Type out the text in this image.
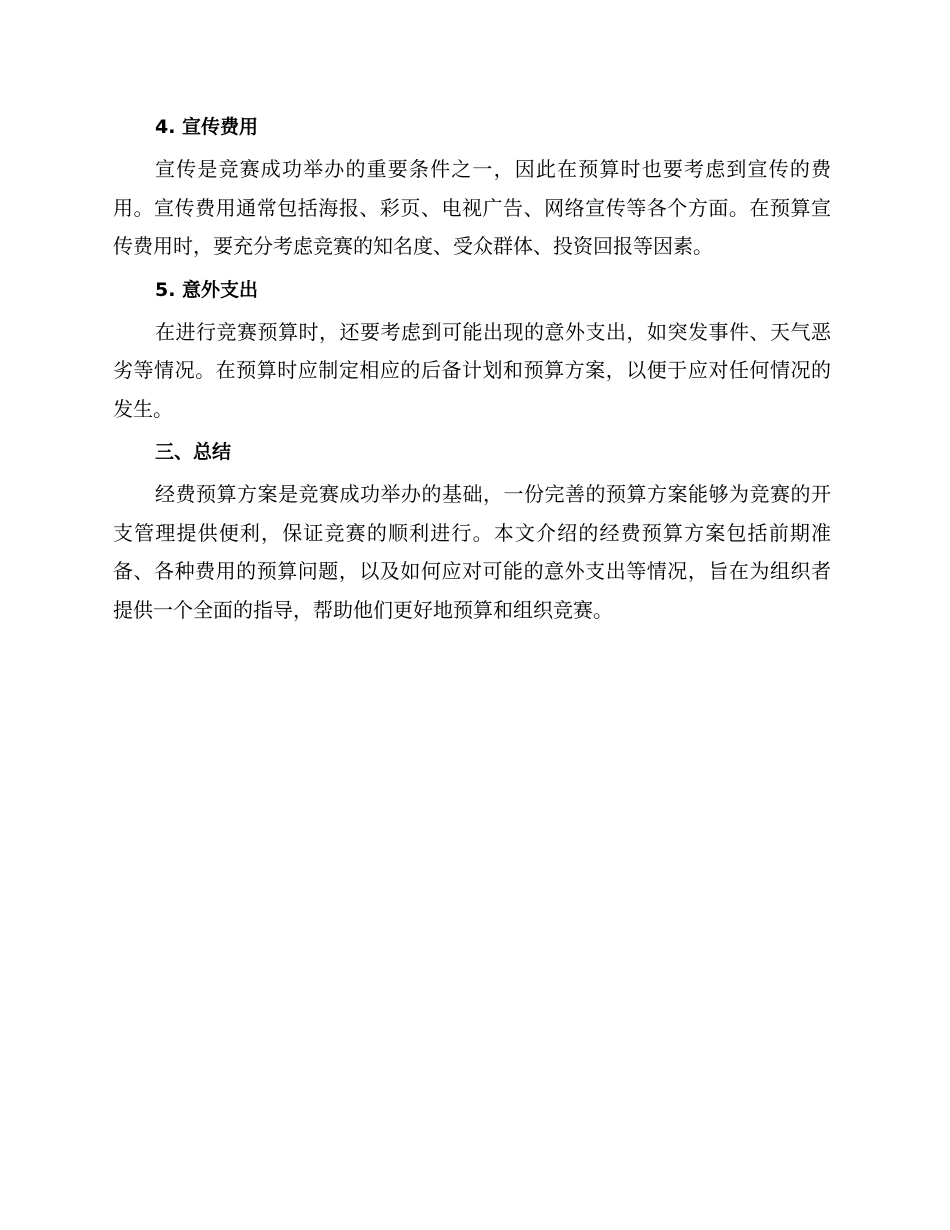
4. 宣传费用

宣传是竞赛成功举办的重要条件之一，因此在预算时也要考虑到宣传的费用。宣传费用通常包括海报、彩页、电视广告、网络宣传等各个方面。在预算宣传费用时，要充分考虑竞赛的知名度、受众群体、投资回报等因素。

5. 意外支出

在进行竞赛预算时，还要考虑到可能出现的意外支出，如突发事件、天气恶劣等情况。在预算时应制定相应的后备计划和预算方案，以便于应对任何情况的发生。

三、总结

经费预算方案是竞赛成功举办的基础，一份完善的预算方案能够为竞赛的开支管理提供便利，保证竞赛的顺利进行。本文介绍的经费预算方案包括前期准备、各种费用的预算问题，以及如何应对可能的意外支出等情况，旨在为组织者提供一个全面的指导，帮助他们更好地预算和组织竞赛。
